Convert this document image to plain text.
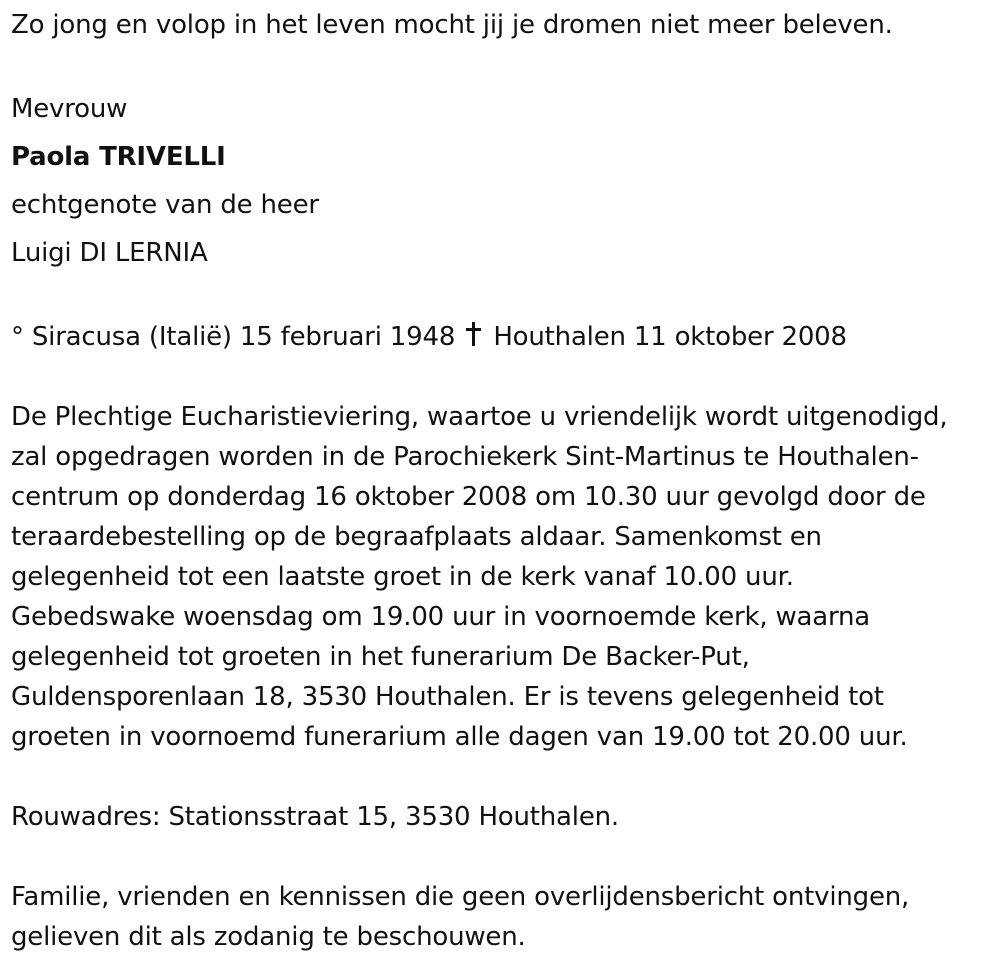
Zo jong en volop in het leven mocht jij je dromen niet meer beleven.
Mevrouw
Paola TRIVELLI
echtgenote van de heer
Luigi DI LERNIA
° Siracusa (Italië) 15 februari 1948 Houthalen 11 oktober 2008
De Plechtige Eucharistieviering, waartoe u vriendelijk wordt uitgenodigd,
zal opgedragen worden in de Parochiekerk Sint-Martinus te Houthalen-
centrum op donderdag 16 oktober 2008 om 10.30 uur gevolgd door de
teraardebestelling op de begraafplaats aldaar. Samenkomst en
gelegenheid tot een laatste groet in de kerk vanaf 10.00 uur.
Gebedswake woensdag om 19.00 uur in voornoemde kerk, waarna
gelegenheid tot groeten in het funerarium De Backer-Put,
Guldensporenlaan 18, 3530 Houthalen. Er is tevens gelegenheid tot
groeten in voornoemd funerarium alle dagen van 19.00 tot 20.00 uur.
Rouwadres: Stationsstraat 15, 3530 Houthalen.
Familie, vrienden en kennissen die geen overlijdensbericht ontvingen,
gelieven dit als zodanig te beschouwen.
